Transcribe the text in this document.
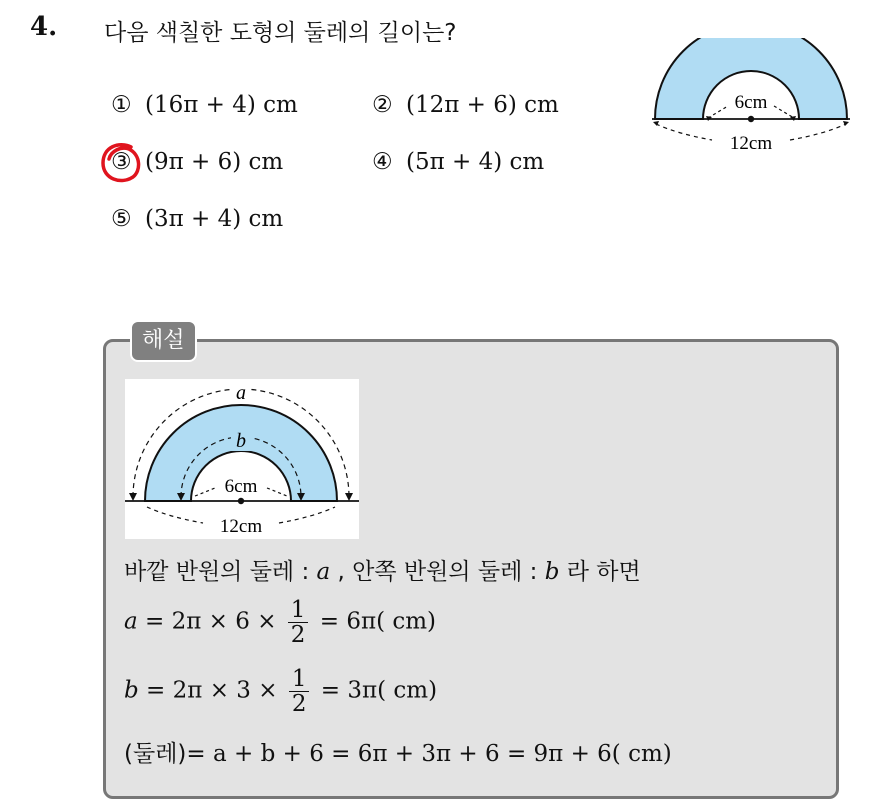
4. 다음 색칠한 도형의 둘레의 길이는?
① (16π + 4) cm	② (12π + 6) cm
③ (9π + 6) cm	④ (5π + 4) cm
⑤ (3π + 4) cm
6cm
12cm
해설
a
b
6cm
12cm
바깥 반원의 둘레 : a , 안쪽 반원의 둘레 : b 라 하면
$a = 2\pi \times 6 \times \frac{1}{2} = 6\pi$( cm)
$b = 2\pi \times 3 \times \frac{1}{2} = 3\pi$( cm)
(둘레)= a + b + 6 = 6π + 3π + 6 = 9π + 6( cm)
